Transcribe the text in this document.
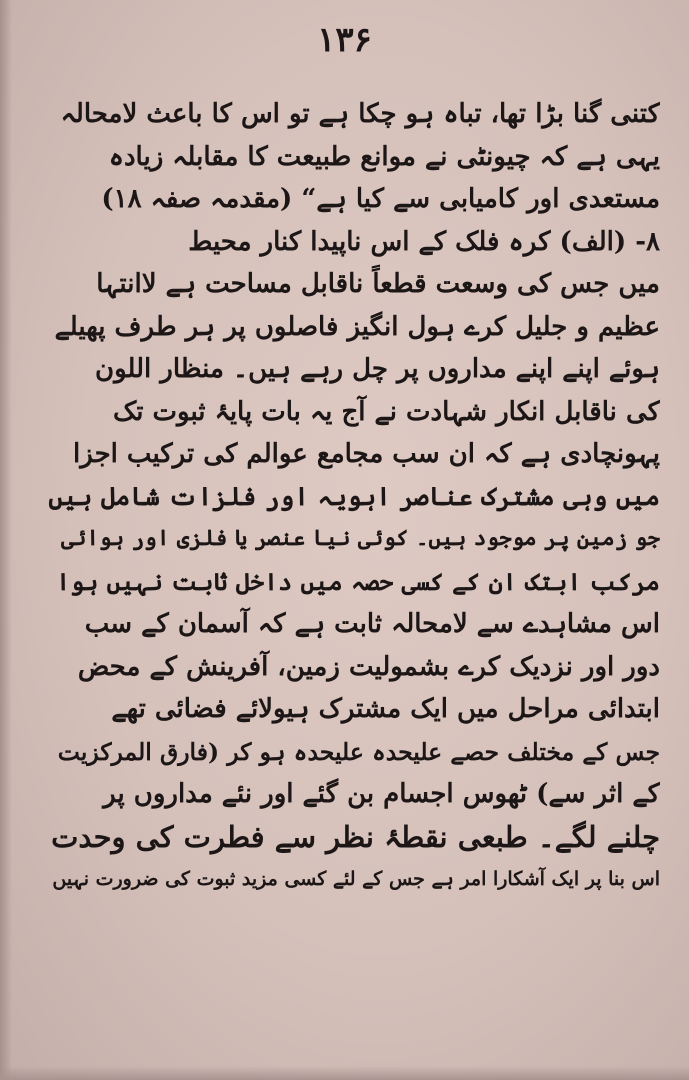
۱۳۶
کتنی گنا بڑا تھا، تباہ ہو چکا ہے تو اس کا باعث لامحالہ
یہی ہے کہ چیونٹی نے موانع طبیعت کا مقابلہ زیادہ
مستعدی اور کامیابی سے کیا ہے“ (مقدمہ صفہ ۱۸)
۸- (الف) کرہ فلک کے اس ناپیدا کنار محیط
میں جس کی وسعت قطعاً ناقابل مساحت ہے لاانتہا
عظیم و جلیل کرے ہول انگیز فاصلوں پر ہر طرف پھیلے
ہوئے اپنے اپنے مداروں پر چل رہے ہیں۔ منظار اللون
کی ناقابل انکار شہادت نے آج یہ بات پایۂ ثبوت تک
پہونچادی ہے کہ ان سب مجامع عوالم کی ترکیب اجزا
میں وہی مشترک عناصر اہویہ اور فلزات شامل ہیں
جو زمین پر موجود ہیں۔ کوئی نیا عنصر یا فلزی اور ہوائی
مرکب ابتک ان کے کسی حصہ میں داخل ثابت نہیں ہوا
اس مشاہدے سے لامحالہ ثابت ہے کہ آسمان کے سب
دور اور نزدیک کرے بشمولیت زمین، آفرینش کے محض
ابتدائی مراحل میں ایک مشترک ہیولائے فضائی تھے
جس کے مختلف حصے علیحدہ علیحدہ ہو کر (فارق المرکزیت
کے اثر سے) ٹھوس اجسام بن گئے اور نئے مداروں پر
چلنے لگے۔ طبعی نقطۂ نظر سے فطرت کی وحدت
اس بنا پر ایک آشکارا امر ہے جس کے لئے کسی مزید ثبوت کی ضرورت نہیں
